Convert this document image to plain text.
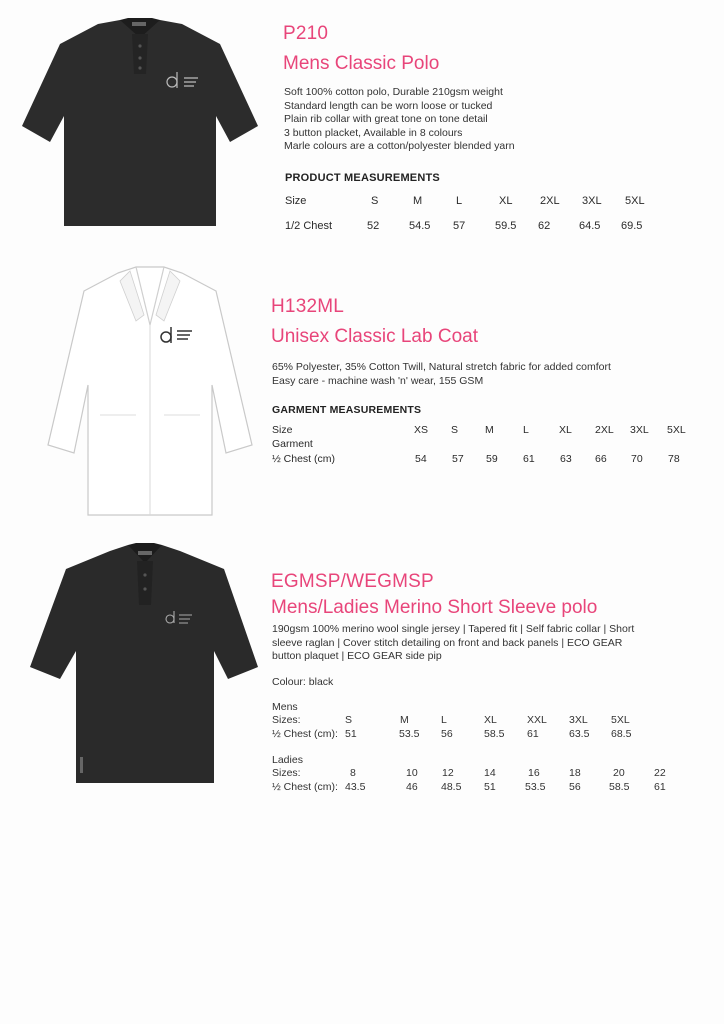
P210
Mens Classic Polo
Soft 100% cotton polo, Durable 210gsm weight
Standard length can be worn loose or tucked
Plain rib collar with great tone on tone detail
3 button placket, Available in 8 colours
Marle colours are a cotton/polyester blended yarn
PRODUCT MEASUREMENTS
Size	S	M	L	XL	2XL 3XL 5XL
1/2 Chest	52	54.5 57	59.5 62	64.5 69.5
H132ML
Unisex Classic Lab Coat
65% Polyester, 35% Cotton Twill, Natural stretch fabric for added comfort
Easy care - machine wash 'n' wear, 155 GSM
GARMENT MEASUREMENTS
Size	XS S	M	L	XL 2XL 3XL 5XL
Garment
½ Chest (cm)	54 57 59 61 63 66 70 78
EGMSP/WEGMSP
Mens/Ladies Merino Short Sleeve polo
190gsm 100% merino wool single jersey | Tapered fit | Self fabric collar | Short
sleeve raglan | Cover stitch detailing on front and back panels | ECO GEAR
button plaquet | ECO GEAR side pip
Colour: black
Mens
Sizes:	S	M	L	XL	XXL 3XL 5XL
½ Chest (cm): 51	53.5 56	58.5 61	63.5 68.5
Ladies
Sizes:	8	10 12	14	16	18	20	22
½ Chest (cm): 43.5	46 48.5 51	53.5 56	58.5 61
